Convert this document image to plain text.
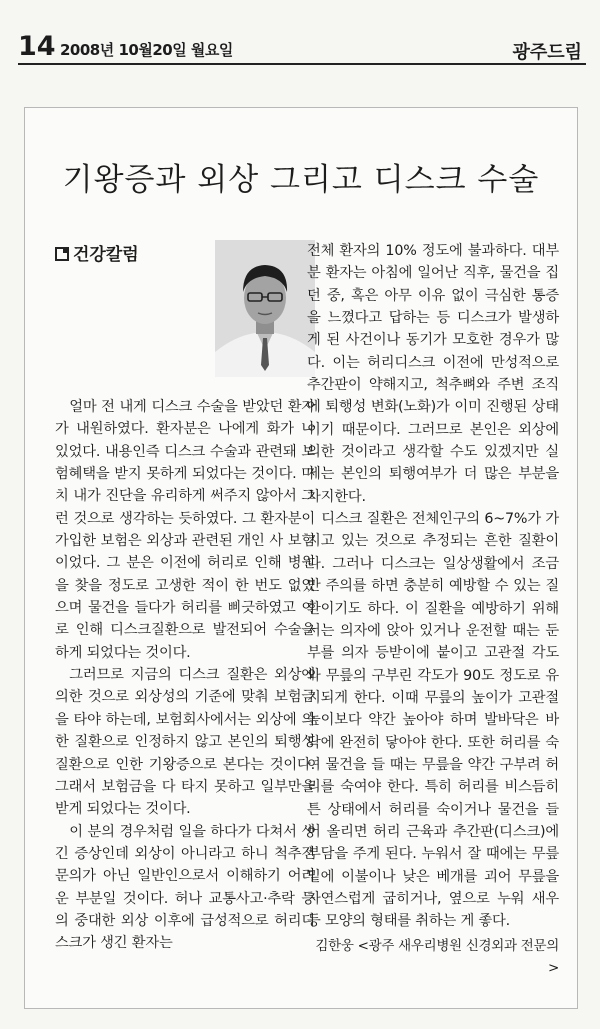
14 2008년 10월20일 월요일	광주드림
기왕증과 외상 그리고 디스크 수술
건강칼럼

얼마 전 내게 디스크 수술을 받았던 환자가 내원하였다. 환자분은 나에게 화가 나 있었다. 내용인즉 디스크 수술과 관련돼 보험혜택을 받지 못하게 되었다는 것이다. 마치 내가 진단을 유리하게 써주지 않아서 그런 것으로 생각하는 듯하였다. 그 환자분이 가입한 보험은 외상과 관련된 개인 사 보험이었다. 그 분은 이전에 허리로 인해 병원을 찾을 정도로 고생한 적이 한 번도 없었으며 물건을 들다가 허리를 삐긋하였고 이로 인해 디스크질환으로 발전되어 수술을 하게 되었다는 것이다.

그러므로 지금의 디스크 질환은 외상에 의한 것으로 외상성의 기준에 맞춰 보험금을 타야 하는데, 보험회사에서는 외상에 의한 질환으로 인정하지 않고 본인의 퇴행성 질환으로 인한 기왕증으로 본다는 것이다. 그래서 보험금을 다 타지 못하고 일부만을 받게 되었다는 것이다.

이 분의 경우처럼 일을 하다가 다쳐서 생긴 증상인데 외상이 아니라고 하니 척추전문의가 아닌 일반인으로서 이해하기 어려운 부분일 것이다. 허나 교통사고·추락 등의 중대한 외상 이후에 급성적으로 허리디스크가 생긴 환자는

전체 환자의 10% 정도에 불과하다. 대부분 환자는 아침에 일어난 직후, 물건을 집던 중, 혹은 아무 이유 없이 극심한 통증을 느꼈다고 답하는 등 디스크가 발생하게 된 사건이나 동기가 모호한 경우가 많다. 이는 허리디스크 이전에 만성적으로 추간판이 약해지고, 척추뼈와 주변 조직에 퇴행성 변화(노화)가 이미 진행된 상태이기 때문이다. 그러므로 본인은 외상에 의한 것이라고 생각할 수도 있겠지만 실제는 본인의 퇴행여부가 더 많은 부분을 차지한다.

디스크 질환은 전체인구의 6~7%가 가지고 있는 것으로 추정되는 흔한 질환이다. 그러나 디스크는 일상생활에서 조금만 주의를 하면 충분히 예방할 수 있는 질환이기도 하다. 이 질환을 예방하기 위해서는 의자에 앉아 있거나 운전할 때는 둔부를 의자 등받이에 붙이고 고관절 각도와 무릎의 구부린 각도가 90도 정도로 유지되게 한다. 이때 무릎의 높이가 고관절 높이보다 약간 높아야 하며 발바닥은 바닥에 완전히 닿아야 한다. 또한 허리를 숙여 물건을 들 때는 무릎을 약간 구부려 허리를 숙여야 한다. 특히 허리를 비스듬히 튼 상태에서 허리를 숙이거나 물건을 들어 올리면 허리 근육과 추간판(디스크)에 부담을 주게 된다. 누워서 잘 때에는 무릎 밑에 이불이나 낮은 베개를 괴어 무릎을 자연스럽게 굽히거나, 옆으로 누워 새우등 모양의 형태를 취하는 게 좋다.

김한웅 <광주 새우리병원 신경외과 전문의>
